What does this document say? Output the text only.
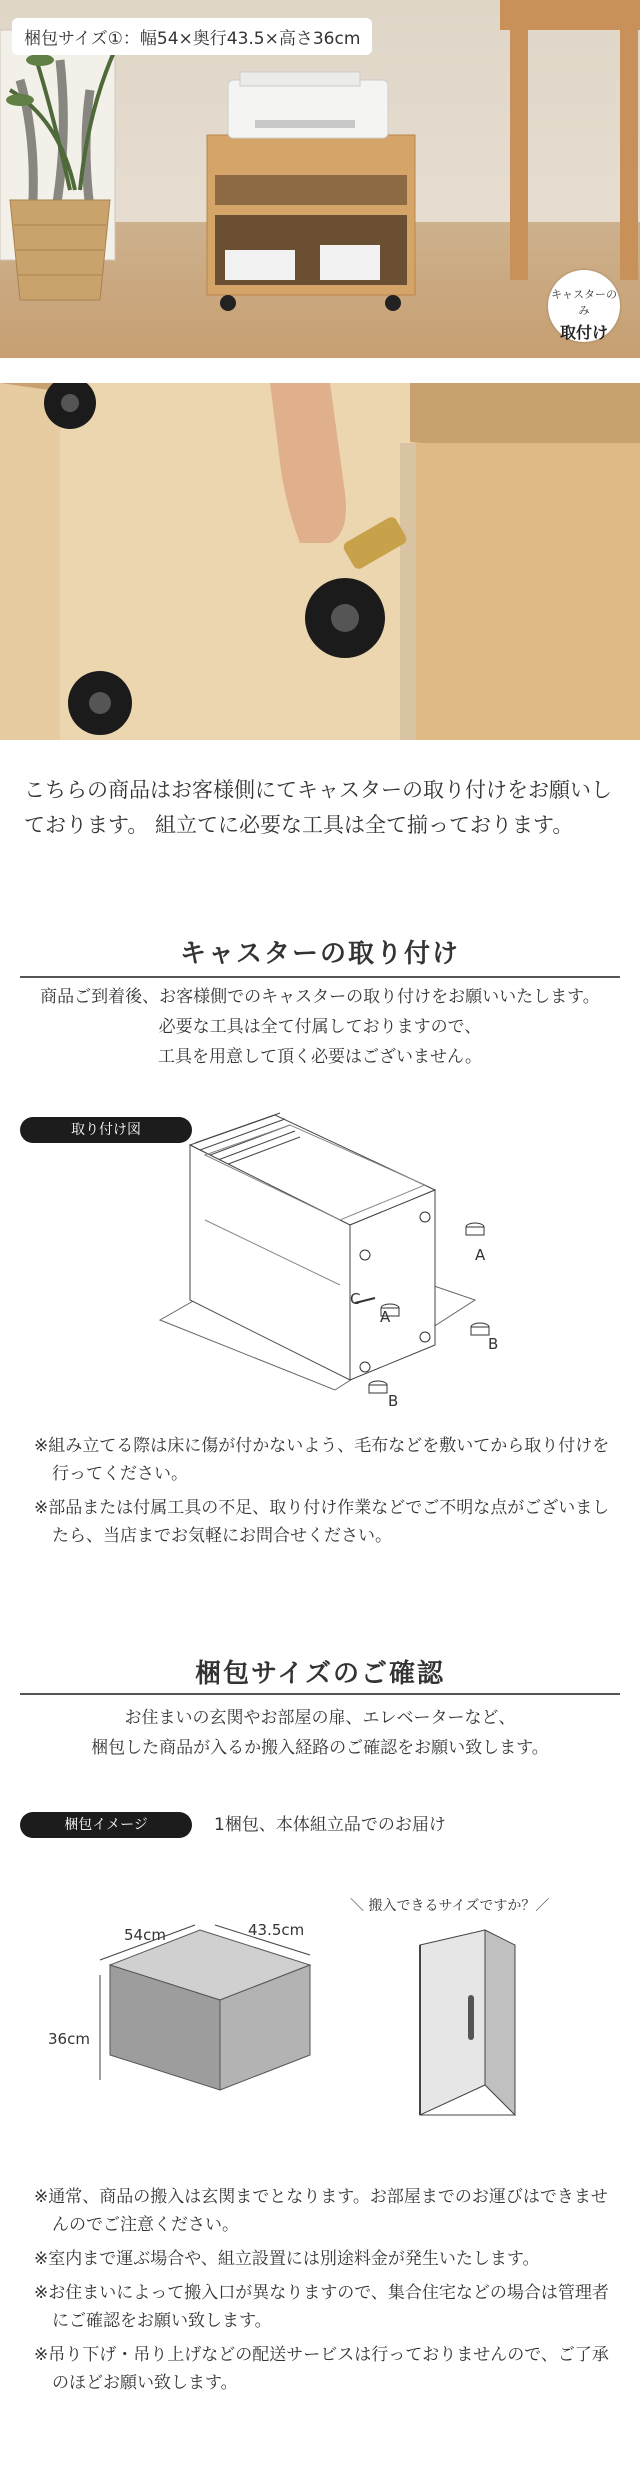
梱包サイズ①：幅54×奥行43.5×高さ36cm
キャスターのみ
取付け
こちらの商品はお客様側にてキャスターの取り付けをお願いしております。 組立てに必要な工具は全て揃っております。
キャスターの取り付け
商品ご到着後、お客様側でのキャスターの取り付けをお願いいたします。
必要な工具は全て付属しておりますので、
工具を用意して頂く必要はございません。
取り付け図
A
A
B
B
C
※組み立てる際は床に傷が付かないよう、毛布などを敷いてから取り付けを行ってください。
※部品または付属工具の不足、取り付け作業などでご不明な点がございましたら、当店までお気軽にお問合せください。
梱包サイズのご確認
お住まいの玄関やお部屋の扉、エレベーターなど、
梱包した商品が入るか搬入経路のご確認をお願い致します。
梱包イメージ	1梱包、本体組立品でのお届け
54cm	43.5cm
36cm
＼ 搬入できるサイズですか？／
※通常、商品の搬入は玄関までとなります。お部屋までのお運びはできませんのでご注意ください。
※室内まで運ぶ場合や、組立設置には別途料金が発生いたします。
※お住まいによって搬入口が異なりますので、集合住宅などの場合は管理者にご確認をお願い致します。
※吊り下げ・吊り上げなどの配送サービスは行っておりませんので、ご了承のほどお願い致します。
